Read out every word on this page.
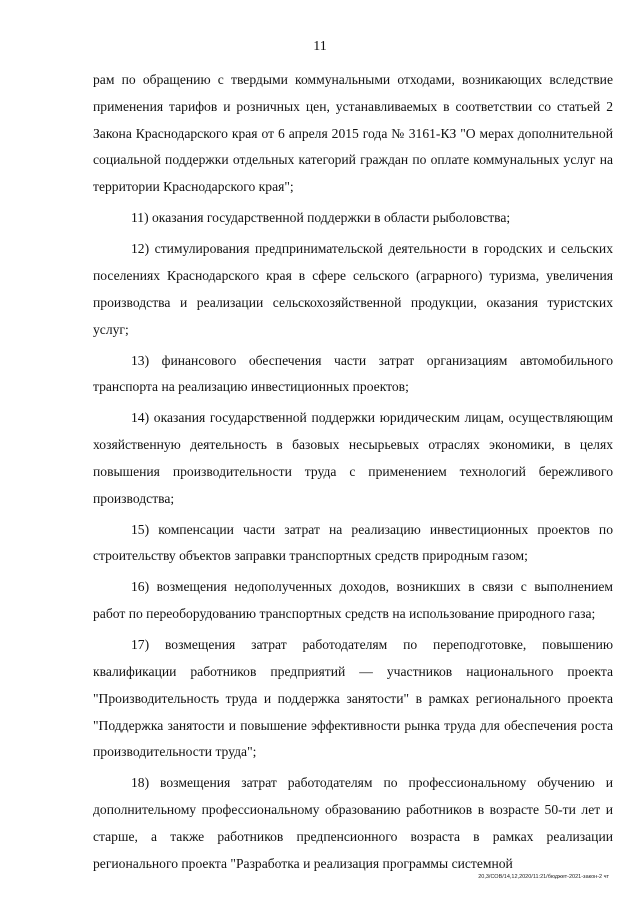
11

рам по обращению с твердыми коммунальными отходами, возникающих вследствие применения тарифов и розничных цен, устанавливаемых в соответствии со статьей 2 Закона Краснодарского края от 6 апреля 2015 года № 3161-КЗ "О мерах дополнительной социальной поддержки отдельных категорий граждан по оплате коммунальных услуг на территории Краснодарского края";

11) оказания государственной поддержки в области рыболовства;

12) стимулирования предпринимательской деятельности в городских и сельских поселениях Краснодарского края в сфере сельского (аграрного) туризма, увеличения производства и реализации сельскохозяйственной продукции, оказания туристских услуг;

13) финансового обеспечения части затрат организациям автомобильного транспорта на реализацию инвестиционных проектов;

14) оказания государственной поддержки юридическим лицам, осуществляющим хозяйственную деятельность в базовых несырьевых отраслях экономики, в целях повышения производительности труда с применением технологий бережливого производства;

15) компенсации части затрат на реализацию инвестиционных проектов по строительству объектов заправки транспортных средств природным газом;

16) возмещения недополученных доходов, возникших в связи с выполнением работ по переоборудованию транспортных средств на использование природного газа;

17) возмещения затрат работодателям по переподготовке, повышению квалификации работников предприятий — участников национального проекта "Производительность труда и поддержка занятости" в рамках регионального проекта "Поддержка занятости и повышение эффективности рынка труда для обеспечения роста производительности труда";

18) возмещения затрат работодателям по профессиональному обучению и дополнительному профессиональному образованию работников в возрасте 50-ти лет и старше, а также работников предпенсионного возраста в рамках реализации регионального проекта "Разработка и реализация программы системной

20,3/СОВ/14,12,2020/11:21/бюджет-2021-закон-2 чт
